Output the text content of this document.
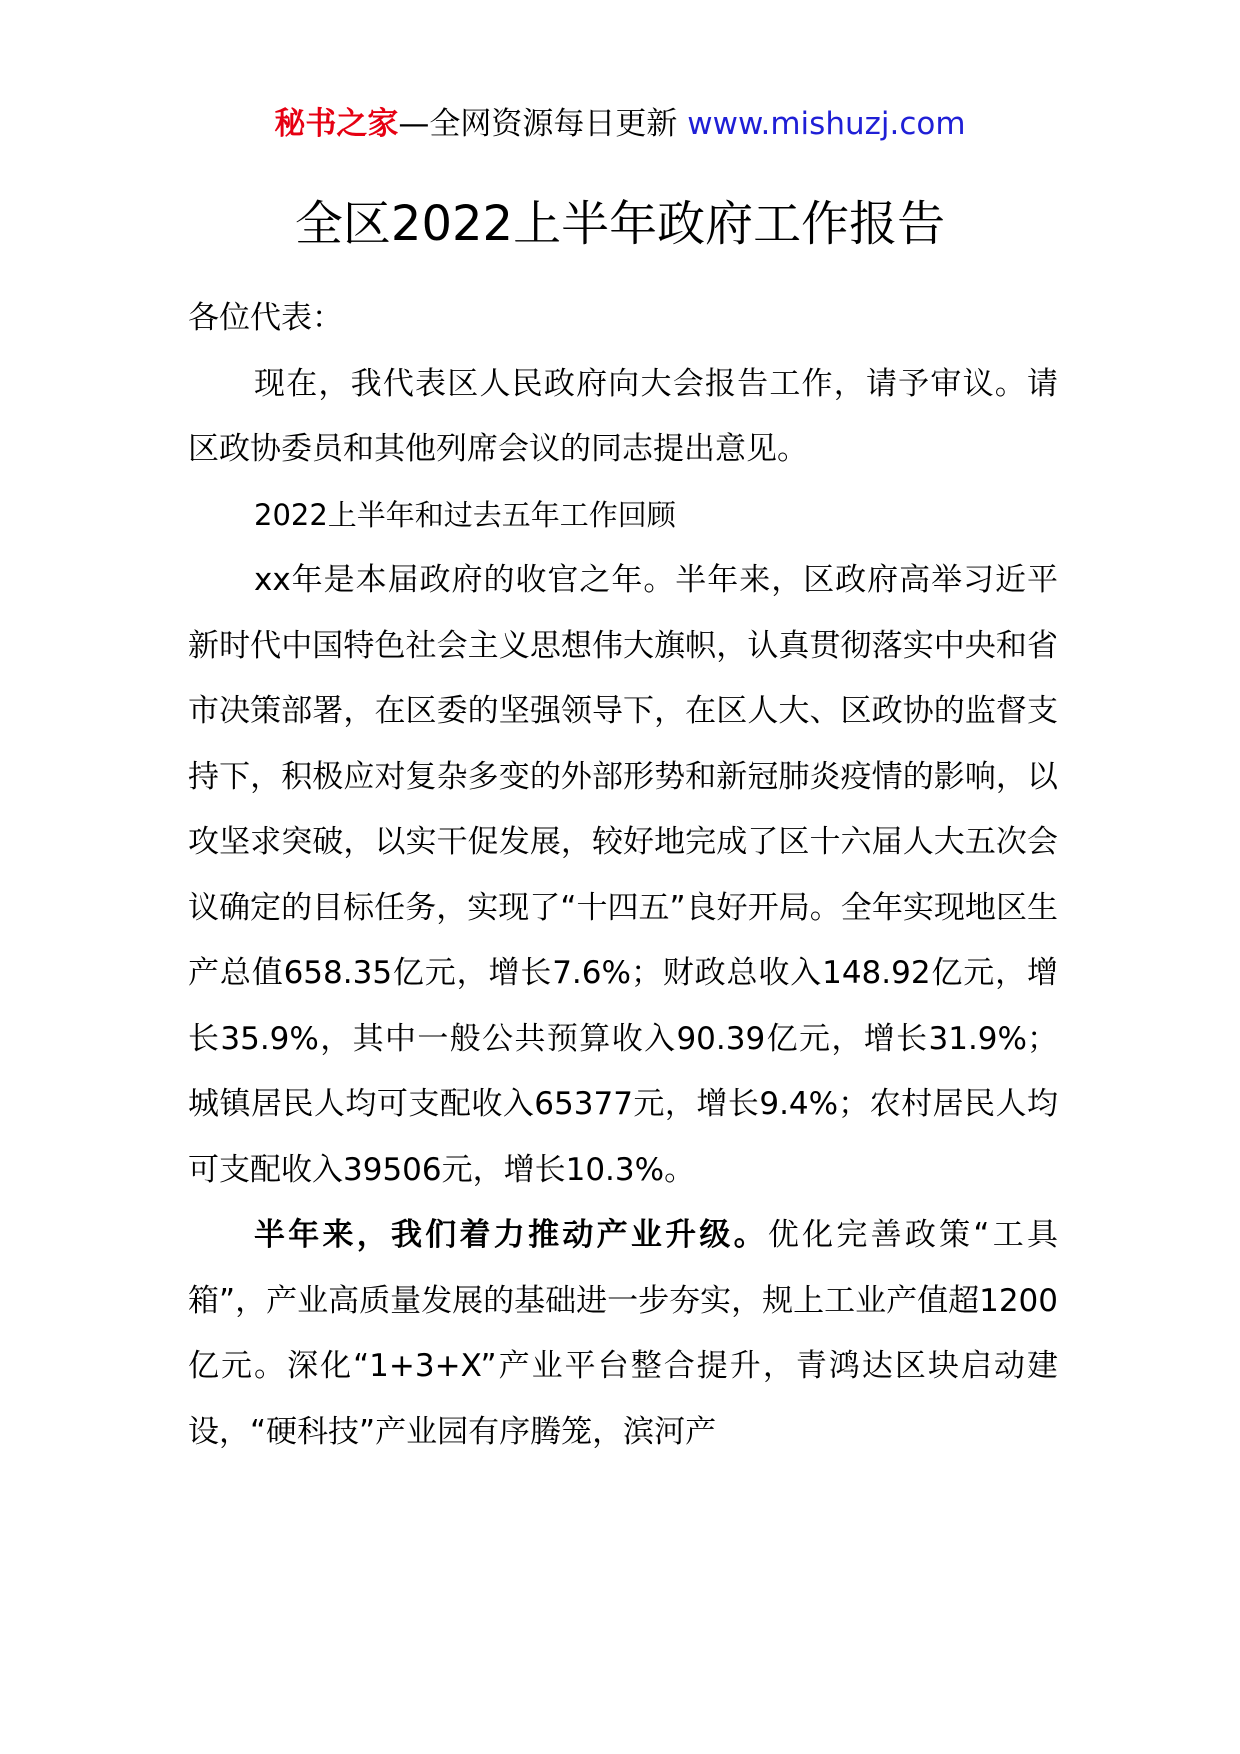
秘书之家—全网资源每日更新 www.mishuzj.com
全区2022上半年政府工作报告

各位代表：

现在，我代表区人民政府向大会报告工作，请予审议。请区政协委员和其他列席会议的同志提出意见。

2022上半年和过去五年工作回顾

xx年是本届政府的收官之年。半年来，区政府高举习近平新时代中国特色社会主义思想伟大旗帜，认真贯彻落实中央和省市决策部署，在区委的坚强领导下，在区人大、区政协的监督支持下，积极应对复杂多变的外部形势和新冠肺炎疫情的影响，以攻坚求突破，以实干促发展，较好地完成了区十六届人大五次会议确定的目标任务，实现了“十四五”良好开局。全年实现地区生产总值658.35亿元，增长7.6%；财政总收入148.92亿元，增长35.9%，其中一般公共预算收入90.39亿元，增长31.9%；城镇居民人均可支配收入65377元，增长9.4%；农村居民人均可支配收入39506元，增长10.3%。

半年来，我们着力推动产业升级。优化完善政策“工具箱”，产业高质量发展的基础进一步夯实，规上工业产值超1200亿元。深化“1+3+X”产业平台整合提升，青鸿达区块启动建设，“硬科技”产业园有序腾笼，滨河产
